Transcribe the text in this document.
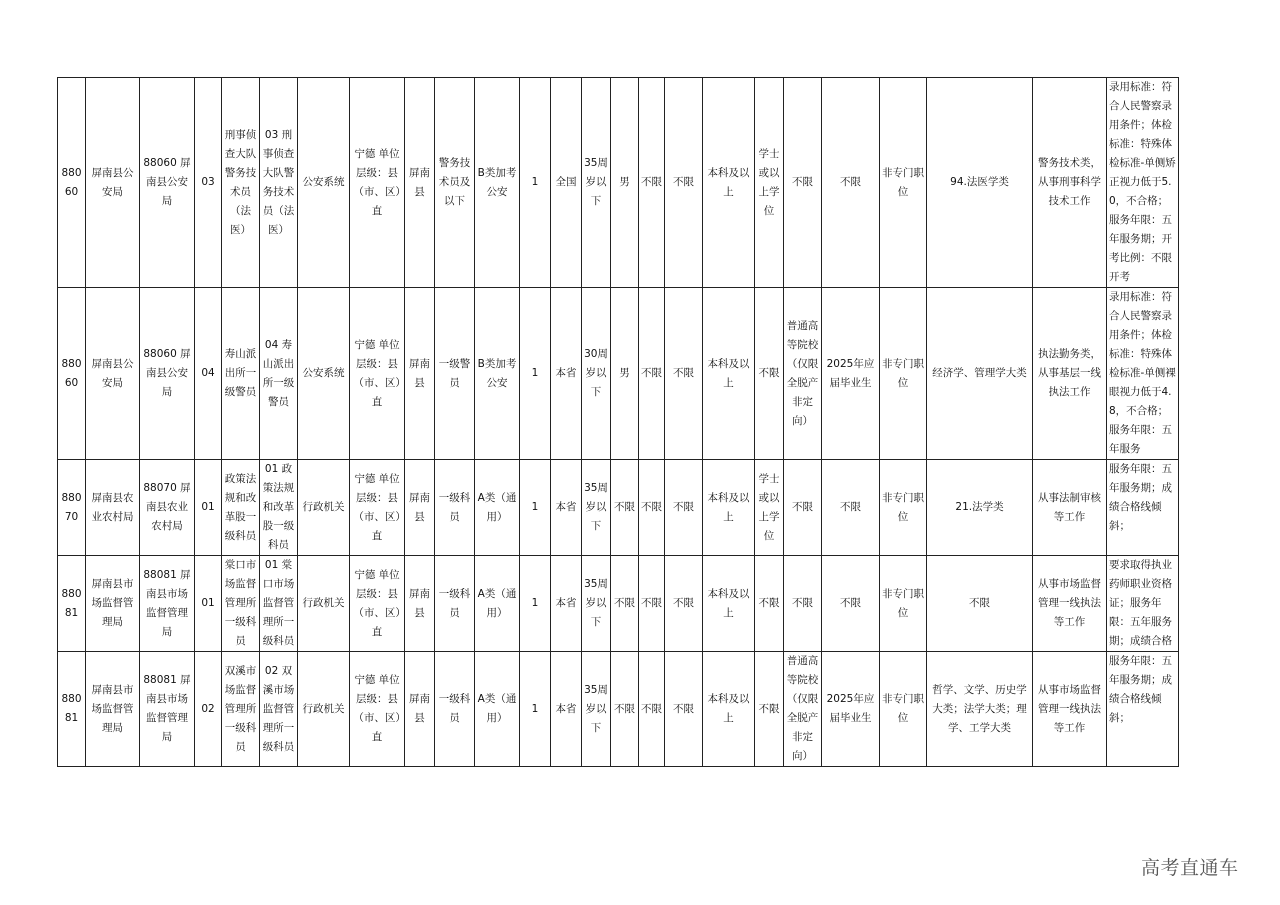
88060	屏南县公安局	88060 屏南县公安局	03	刑事侦查大队警务技术员（法医）	03 刑事侦查大队警务技术员（法医）	公安系统	宁德 单位层级：县（市、区）直	屏南县	警务技术员及以下	B类加考公安	1	全国	35周岁以下	男	不限	不限	本科及以上	学士或以上学位	不限	不限	非专门职位	94.法医学类	警务技术类，从事刑事科学技术工作	录用标准：符合人民警察录用条件；体检标准：特殊体检标准-单侧矫正视力低于5.0，不合格；服务年限：五年服务期；开考比例：不限开考
88060	屏南县公安局	88060 屏南县公安局	04	寿山派出所一级警员	04 寿山派出所一级警员	公安系统	宁德 单位层级：县（市、区）直	屏南县	一级警员	B类加考公安	1	本省	30周岁以下	男	不限	不限	本科及以上	不限	普通高等院校（仅限全脱产非定向）	2025年应届毕业生	非专门职位	经济学、管理学大类	执法勤务类，从事基层一线执法工作	录用标准：符合人民警察录用条件；体检标准：特殊体检标准-单侧裸眼视力低于4.8，不合格；服务年限：五年服务
88070	屏南县农业农村局	88070 屏南县农业农村局	01	政策法规和改革股一级科员	01 政策法规和改革股一级科员	行政机关	宁德 单位层级：县（市、区）直	屏南县	一级科员	A类（通用）	1	本省	35周岁以下	不限	不限	不限	本科及以上	学士或以上学位	不限	不限	非专门职位	21.法学类	从事法制审核等工作	服务年限：五年服务期；成绩合格线倾斜；
88081	屏南县市场监督管理局	88081 屏南县市场监督管理局	01	棠口市场监督管理所一级科员	01 棠口市场监督管理所一级科员	行政机关	宁德 单位层级：县（市、区）直	屏南县	一级科员	A类（通用）	1	本省	35周岁以下	不限	不限	不限	本科及以上	不限	不限	不限	非专门职位	不限	从事市场监督管理一线执法等工作	要求取得执业药师职业资格证；服务年限：五年服务期；成绩合格
88081	屏南县市场监督管理局	88081 屏南县市场监督管理局	02	双溪市场监督管理所一级科员	02 双溪市场监督管理所一级科员	行政机关	宁德 单位层级：县（市、区）直	屏南县	一级科员	A类（通用）	1	本省	35周岁以下	不限	不限	不限	本科及以上	不限	普通高等院校（仅限全脱产非定向）	2025年应届毕业生	非专门职位	哲学、文学、历史学大类；法学大类；理学、工学大类	从事市场监督管理一线执法等工作	服务年限：五年服务期；成绩合格线倾斜；
高考直通车
